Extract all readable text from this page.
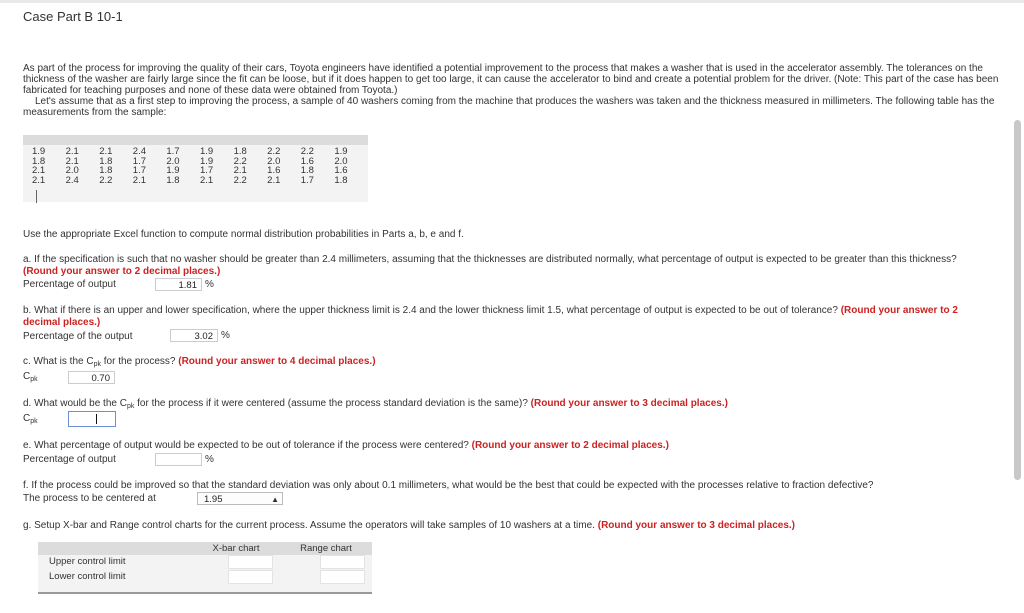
Case Part B 10-1

As part of the process for improving the quality of their cars, Toyota engineers have identified a potential improvement to the process that makes a washer that is used in the accelerator assembly. The tolerances on the thickness of the washer are fairly large since the fit can be loose, but if it does happen to get too large, it can cause the accelerator to bind and create a potential problem for the driver. (Note: This part of the case has been fabricated for teaching purposes and none of these data were obtained from Toyota.)

Let's assume that as a first step to improving the process, a sample of 40 washers coming from the machine that produces the washers was taken and the thickness measured in millimeters. The following table has the measurements from the sample:

1.9	2.1	2.1	2.4	1.7	1.9	1.8	2.2	2.2	1.9
1.8	2.1	1.8	1.7	2.0	1.9	2.2	2.0	1.6	2.0
2.1	2.0	1.8	1.7	1.9	1.7	2.1	1.6	1.8	1.6
2.1	2.4	2.2	2.1	1.8	2.1	2.2	2.1	1.7	1.8
Use the appropriate Excel function to compute normal distribution probabilities in Parts a, b, e and f.
a. If the specification is such that no washer should be greater than 2.4 millimeters, assuming that the thicknesses are distributed normally, what percentage of output is expected to be greater than this thickness?
(Round your answer to 2 decimal places.)
Percentage of output	1.81 %
b. What if there is an upper and lower specification, where the upper thickness limit is 2.4 and the lower thickness limit 1.5, what percentage of output is expected to be out of tolerance? (Round your answer to 2
decimal places.)
Percentage of the output	3.02 %
c. What is the $C_{pk}$ for the process? (Round your answer to 4 decimal places.)
$C_{pk}$	0.70
d. What would be the $C_{pk}$ for the process if it were centered (assume the process standard deviation is the same)? (Round your answer to 3 decimal places.)
$C_{pk}$
e. What percentage of output would be expected to be out of tolerance if the process were centered? (Round your answer to 2 decimal places.)
Percentage of output	%
f. If the process could be improved so that the standard deviation was only about 0.1 millimeters, what would be the best that could be expected with the processes relative to fraction defective?
The process to be centered at	1.95	▲

g. Setup X-bar and Range control charts for the current process. Assume the operators will take samples of 10 washers at a time. (Round your answer to 3 decimal places.)
X-bar chart	Range chart
Upper control limit
Lower control limit
